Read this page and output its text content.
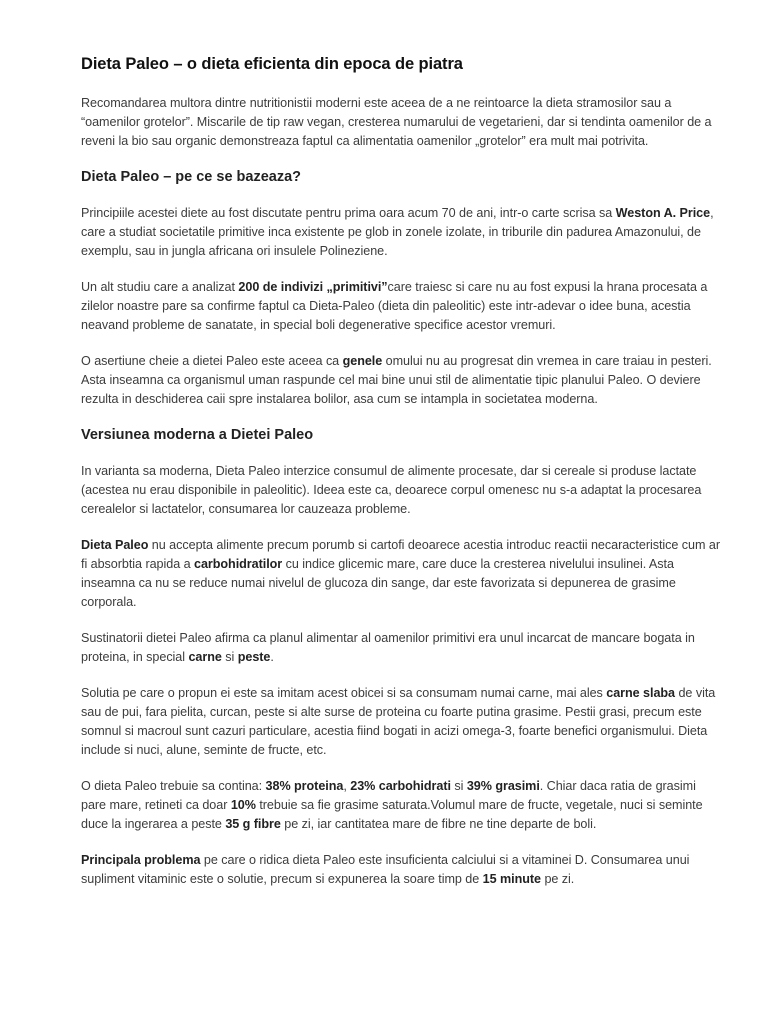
Dieta Paleo – o dieta eficienta din epoca de piatra

Recomandarea multora dintre nutritionistii moderni este aceea de a ne reintoarce la dieta stramosilor sau a “oamenilor grotelor”. Miscarile de tip raw vegan, cresterea numarului de vegetarieni, dar si tendinta oamenilor de a reveni la bio sau organic demonstreaza faptul ca alimentatia oamenilor „grotelor” era mult mai potrivita.

Dieta Paleo – pe ce se bazeaza?

Principiile acestei diete au fost discutate pentru prima oara acum 70 de ani, intr-o carte scrisa sa Weston A. Price, care a studiat societatile primitive inca existente pe glob in zonele izolate, in triburile din padurea Amazonului, de exemplu, sau in jungla africana ori insulele Polineziene.

Un alt studiu care a analizat 200 de indivizi „primitivi”care traiesc si care nu au fost expusi la hrana procesata a zilelor noastre pare sa confirme faptul ca Dieta-Paleo (dieta din paleolitic) este intr-adevar o idee buna, acestia neavand probleme de sanatate, in special boli degenerative specifice acestor vremuri.

O asertiune cheie a dietei Paleo este aceea ca genele omului nu au progresat din vremea in care traiau in pesteri. Asta inseamna ca organismul uman raspunde cel mai bine unui stil de alimentatie tipic planului Paleo. O deviere rezulta in deschiderea caii spre instalarea bolilor, asa cum se intampla in societatea moderna.

Versiunea moderna a Dietei Paleo

In varianta sa moderna, Dieta Paleo interzice consumul de alimente procesate, dar si cereale si produse lactate (acestea nu erau disponibile in paleolitic). Ideea este ca, deoarece corpul omenesc nu s-a adaptat la procesarea cerealelor si lactatelor, consumarea lor cauzeaza probleme.

Dieta Paleo nu accepta alimente precum porumb si cartofi deoarece acestia introduc reactii necaracteristice cum ar fi absorbtia rapida a carbohidratilor cu indice glicemic mare, care duce la cresterea nivelului insulinei. Asta inseamna ca nu se reduce numai nivelul de glucoza din sange, dar este favorizata si depunerea de grasime corporala.

Sustinatorii dietei Paleo afirma ca planul alimentar al oamenilor primitivi era unul incarcat de mancare bogata in proteina, in special carne si peste.

Solutia pe care o propun ei este sa imitam acest obicei si sa consumam numai carne, mai ales carne slaba de vita sau de pui, fara pielita, curcan, peste si alte surse de proteina cu foarte putina grasime. Pestii grasi, precum este somnul si macroul sunt cazuri particulare, acestia fiind bogati in acizi omega-3, foarte benefici organismului. Dieta include si nuci, alune, seminte de fructe, etc.

O dieta Paleo trebuie sa contina: 38% proteina, 23% carbohidrati si 39% grasimi. Chiar daca ratia de grasimi pare mare, retineti ca doar 10% trebuie sa fie grasime saturata.Volumul mare de fructe, vegetale, nuci si seminte duce la ingerarea a peste 35 g fibre pe zi, iar cantitatea mare de fibre ne tine departe de boli.

Principala problema pe care o ridica dieta Paleo este insuficienta calciului si a vitaminei D. Consumarea unui supliment vitaminic este o solutie, precum si expunerea la soare timp de 15 minute pe zi.
